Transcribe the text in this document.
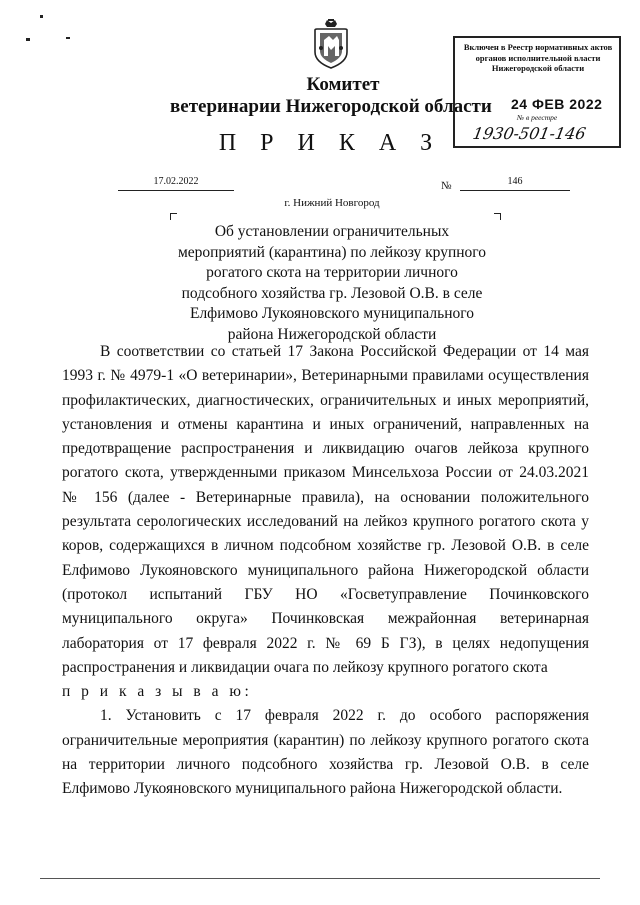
Комитет
ветеринарии Нижегородской области
Включен в Реестр нормативных актов органов исполнительной власти Нижегородской области
24 ФЕВ 2022
№ в реестре
1930-501-146
П Р И К А З
17.02.2022	№	146
г. Нижний Новгород
Об установлении ограничительных мероприятий (карантина) по лейкозу крупного рогатого скота на территории личного подсобного хозяйства гр. Лезовой О.В. в селе Елфимово Лукояновского муниципального района Нижегородской области

В соответствии со статьей 17 Закона Российской Федерации от 14 мая 1993 г. № 4979-1 «О ветеринарии», Ветеринарными правилами осуществления профилактических, диагностических, ограничительных и иных мероприятий, установления и отмены карантина и иных ограничений, направленных на предотвращение распространения и ликвидацию очагов лейкоза крупного рогатого скота, утвержденными приказом Минсельхоза России от 24.03.2021 № 156 (далее - Ветеринарные правила), на основании положительного результата серологических исследований на лейкоз крупного рогатого скота у коров, содержащихся в личном подсобном хозяйстве гр. Лезовой О.В. в селе Елфимово Лукояновского муниципального района Нижегородской области (протокол испытаний ГБУ НО «Госветуправление Починковского муниципального округа» Починковская межрайонная ветеринарная лаборатория от 17 февраля 2022 г. № 69 Б ГЗ), в целях недопущения распространения и ликвидации очага по лейкозу крупного рогатого скота

п р и к а з ы в а ю:

1. Установить с 17 февраля 2022 г. до особого распоряжения ограничительные мероприятия (карантин) по лейкозу крупного рогатого скота на территории личного подсобного хозяйства гр. Лезовой О.В. в селе Елфимово Лукояновского муниципального района Нижегородской области.
